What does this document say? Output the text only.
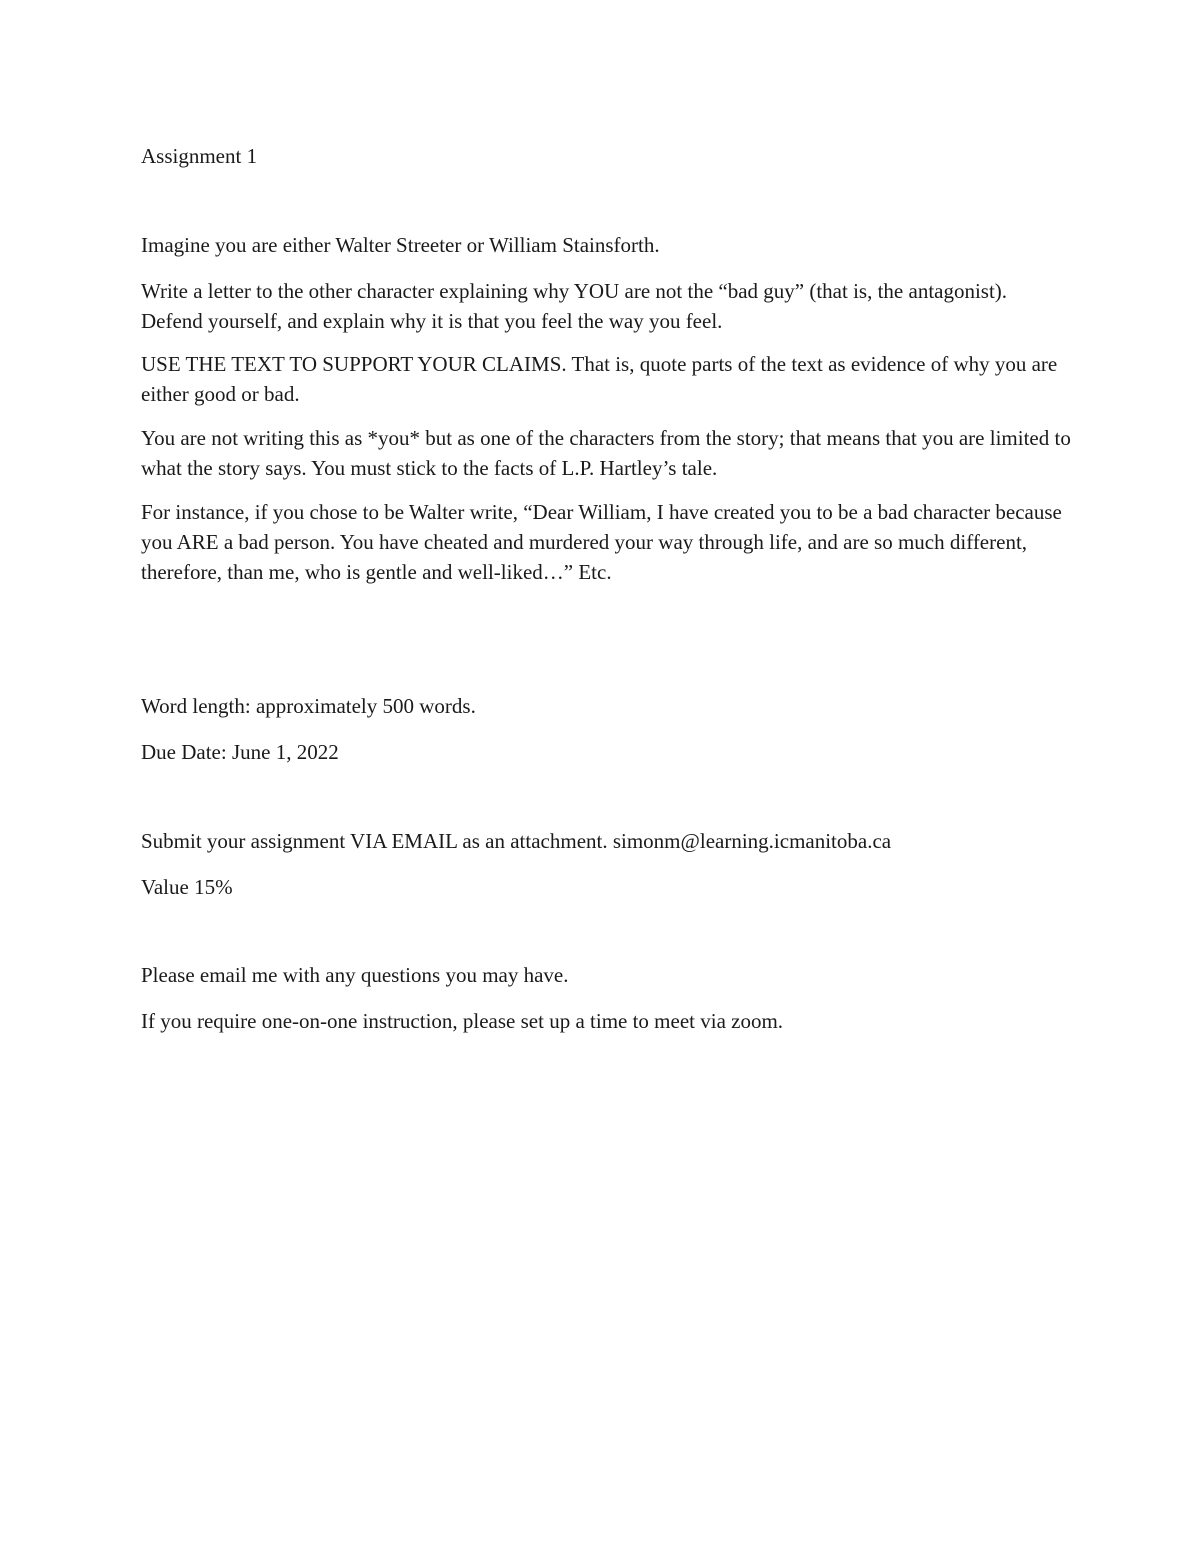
Assignment 1

Imagine you are either Walter Streeter or William Stainsforth.

Write a letter to the other character explaining why YOU are not the “bad guy” (that is, the antagonist). Defend yourself, and explain why it is that you feel the way you feel.

USE THE TEXT TO SUPPORT YOUR CLAIMS. That is, quote parts of the text as evidence of why you are either good or bad.

You are not writing this as *you* but as one of the characters from the story; that means that you are limited to what the story says. You must stick to the facts of L.P. Hartley’s tale.

For instance, if you chose to be Walter write, “Dear William, I have created you to be a bad character because you ARE a bad person. You have cheated and murdered your way through life, and are so much different, therefore, than me, who is gentle and well-liked…” Etc.

Word length: approximately 500 words.

Due Date: June 1, 2022

Submit your assignment VIA EMAIL as an attachment. simonm@learning.icmanitoba.ca

Value 15%

Please email me with any questions you may have.

If you require one-on-one instruction, please set up a time to meet via zoom.
